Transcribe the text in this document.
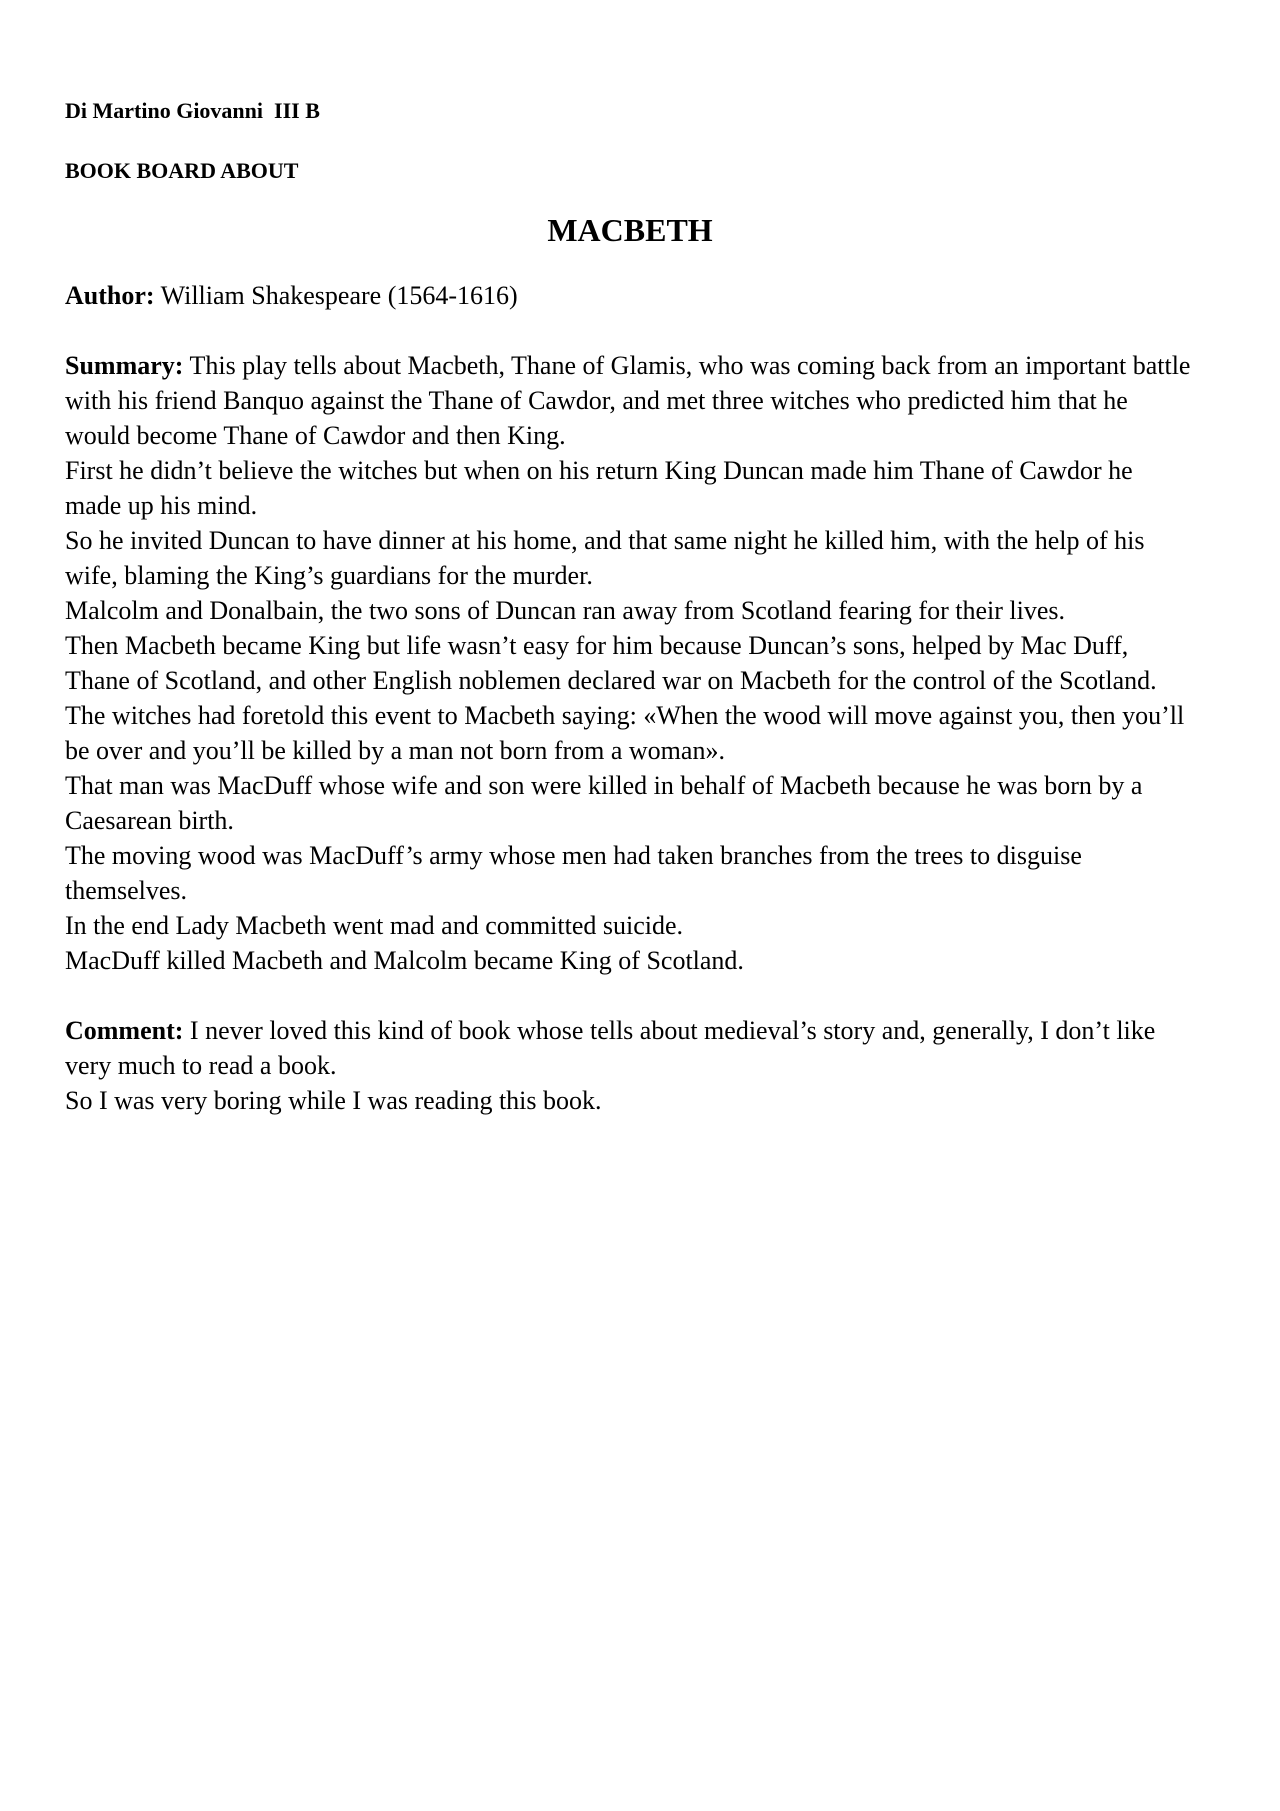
Di Martino Giovanni  III B

BOOK BOARD ABOUT

MACBETH

Author: William Shakespeare (1564-1616)

Summary: This play tells about Macbeth, Thane of Glamis, who was coming back from an important battle with his friend Banquo against the Thane of Cawdor, and met three witches who predicted him that he would become Thane of Cawdor and then King.

First he didn’t believe the witches but when on his return King Duncan made him Thane of Cawdor he made up his mind.

So he invited Duncan to have dinner at his home, and that same night he killed him, with the help of his wife, blaming the King’s guardians for the murder.

Malcolm and Donalbain, the two sons of Duncan ran away from Scotland fearing for their lives.

Then Macbeth became King but life wasn’t easy for him because Duncan’s sons, helped by Mac Duff, Thane of Scotland, and other English noblemen declared war on Macbeth for the control of the Scotland.

The witches had foretold this event to Macbeth saying: «When the wood will move against you, then you’ll be over and you’ll be killed by a man not born from a woman».

That man was MacDuff whose wife and son were killed in behalf of Macbeth because he was born by a Caesarean birth.

The moving wood was MacDuff’s army whose men had taken branches from the trees to disguise themselves.

In the end Lady Macbeth went mad and committed suicide.

MacDuff killed Macbeth and Malcolm became King of Scotland.

Comment: I never loved this kind of book whose tells about medieval’s story and, generally, I don’t like very much to read a book.

So I was very boring while I was reading this book.
